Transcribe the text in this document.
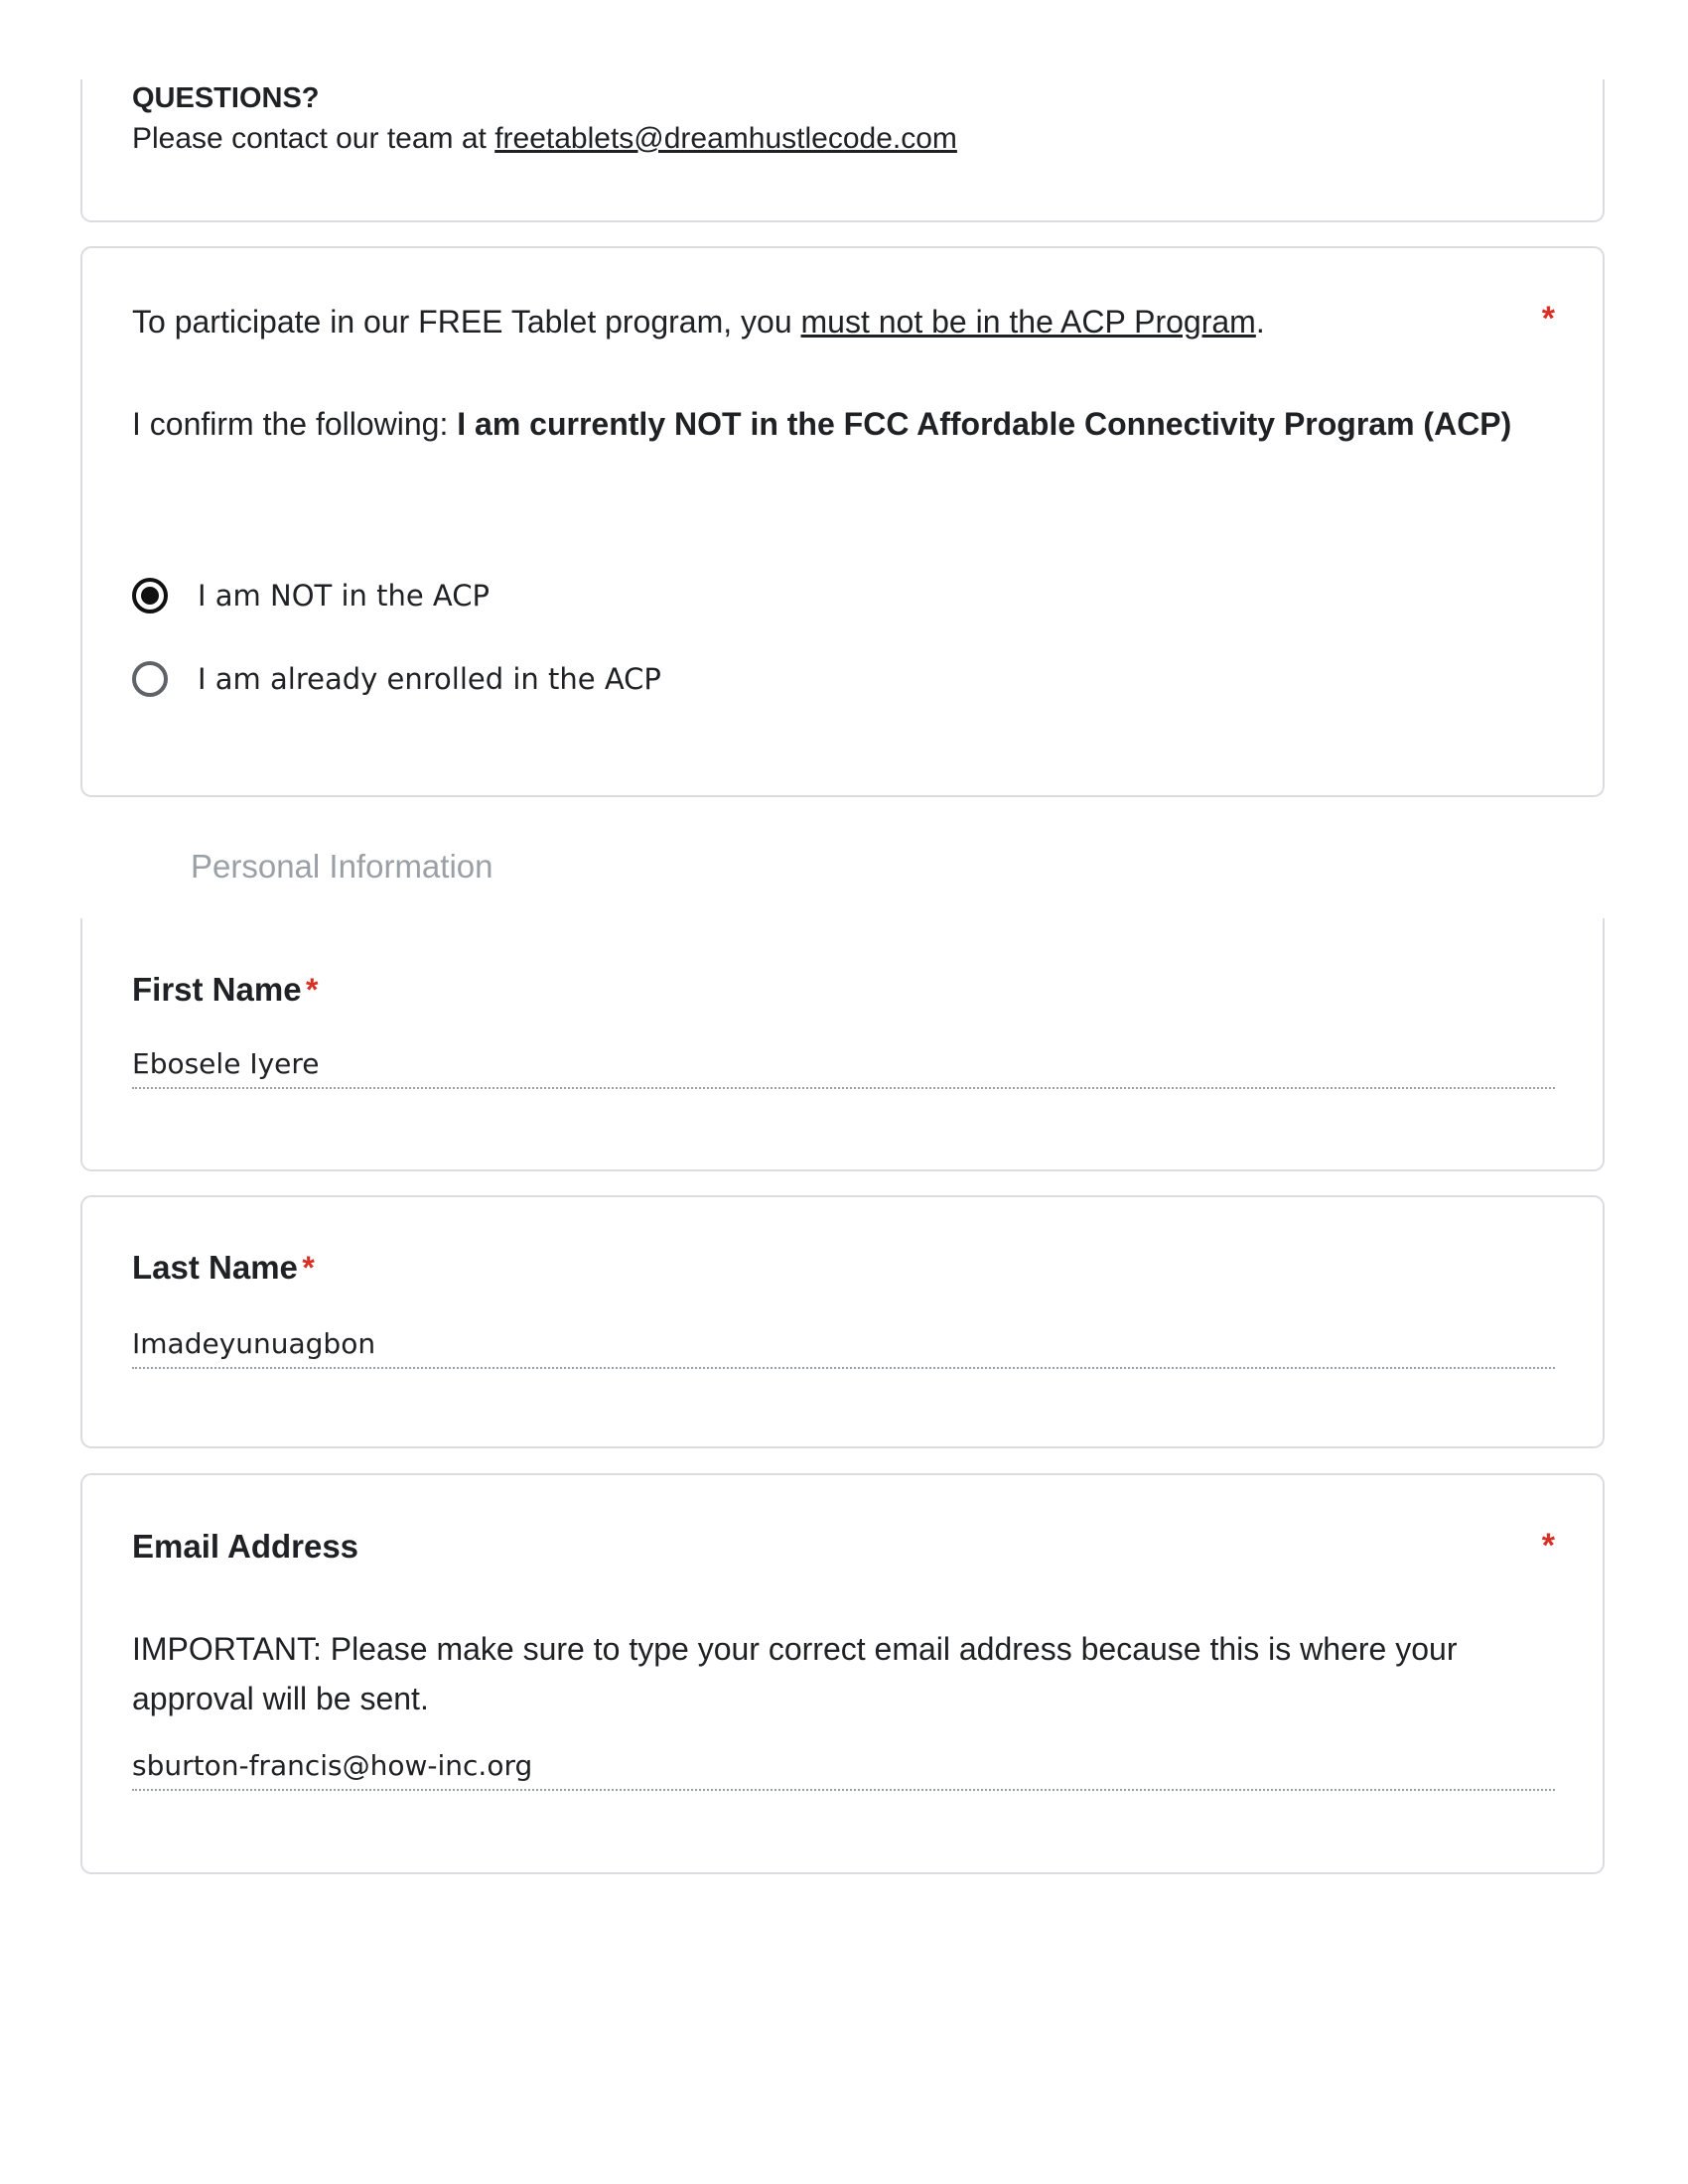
QUESTIONS?
Please contact our team at freetablets@dreamhustlecode.com
To participate in our FREE Tablet program, you must not be in the ACP Program.	*
I confirm the following: I am currently NOT in the FCC Affordable Connectivity Program (ACP)
I am NOT in the ACP
I am already enrolled in the ACP
Personal Information
First Name *
Ebosele Iyere
Last Name *
Imadeyunuagbon
Email Address	*
IMPORTANT: Please make sure to type your correct email address because this is where your approval will be sent.
sburton-francis@how-inc.org
